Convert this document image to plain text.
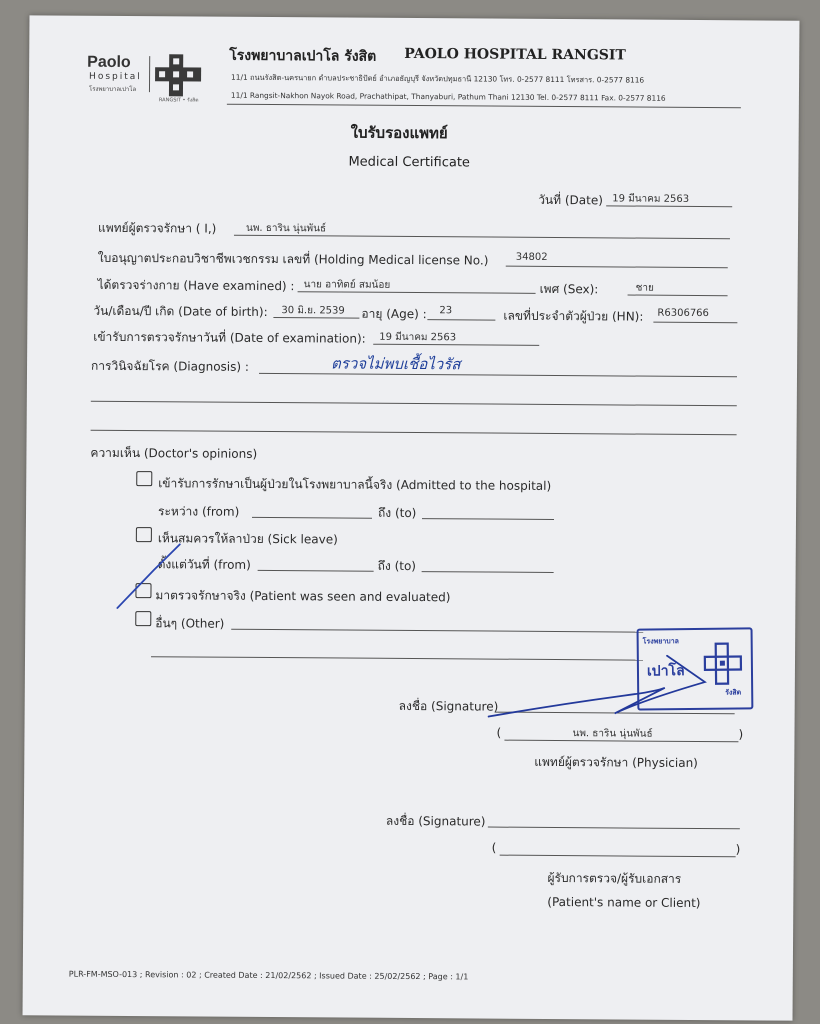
Paolo
Hospital
โรงพยาบาลเปาโล
RANGSIT • รังสิต
โรงพยาบาลเปาโล รังสิต PAOLO HOSPITAL RANGSIT
11/1 ถนนรังสิต-นครนายก ตำบลประชาธิปัตย์ อำเภอธัญบุรี จังหวัดปทุมธานี 12130 โทร. 0-2577 8111 โทรสาร. 0-2577 8116
11/1 Rangsit-Nakhon Nayok Road, Prachathipat, Thanyaburi, Pathum Thani 12130 Tel. 0-2577 8111 Fax. 0-2577 8116
ใบรับรองแพทย์
Medical Certificate
วันที่ (Date) 19 มีนาคม 2563
แพทย์ผู้ตรวจรักษา ( I,)	นพ. ธาริน นุ่นพันธ์
ใบอนุญาตประกอบวิชาชีพเวชกรรม เลขที่ (Holding Medical license No.)	34802
ได้ตรวจร่างกาย (Have examined) : นาย อาทิตย์ สมน้อย	เพศ (Sex):	ชาย
วัน/เดือน/ปี เกิด (Date of birth): 30 มิ.ย. 2539 อายุ (Age) : 23	เลขที่ประจำตัวผู้ป่วย (HN): R6306766
เข้ารับการตรวจรักษาวันที่ (Date of examination): 19 มีนาคม 2563
การวินิจฉัยโรค (Diagnosis) :	ตรวจไม่พบเชื้อไวรัส
ความเห็น (Doctor's opinions)
เข้ารับการรักษาเป็นผู้ป่วยในโรงพยาบาลนี้จริง (Admitted to the hospital)
ระหว่าง (from)	ถึง (to)
เห็นสมควรให้ลาป่วย (Sick leave)
ตั้งแต่วันที่ (from)	ถึง (to)
มาตรวจรักษาจริง (Patient was seen and evaluated)
อื่นๆ (Other)
โรงพยาบาล
เปาโล
รังสิต
ลงชื่อ (Signature)
(	นพ. ธาริน นุ่นพันธ์	)
แพทย์ผู้ตรวจรักษา (Physician)
ลงชื่อ (Signature)
(	)
ผู้รับการตรวจ/ผู้รับเอกสาร
(Patient's name or Client)
PLR-FM-MSO-013 ; Revision : 02 ; Created Date : 21/02/2562 ; Issued Date : 25/02/2562 ; Page : 1/1
